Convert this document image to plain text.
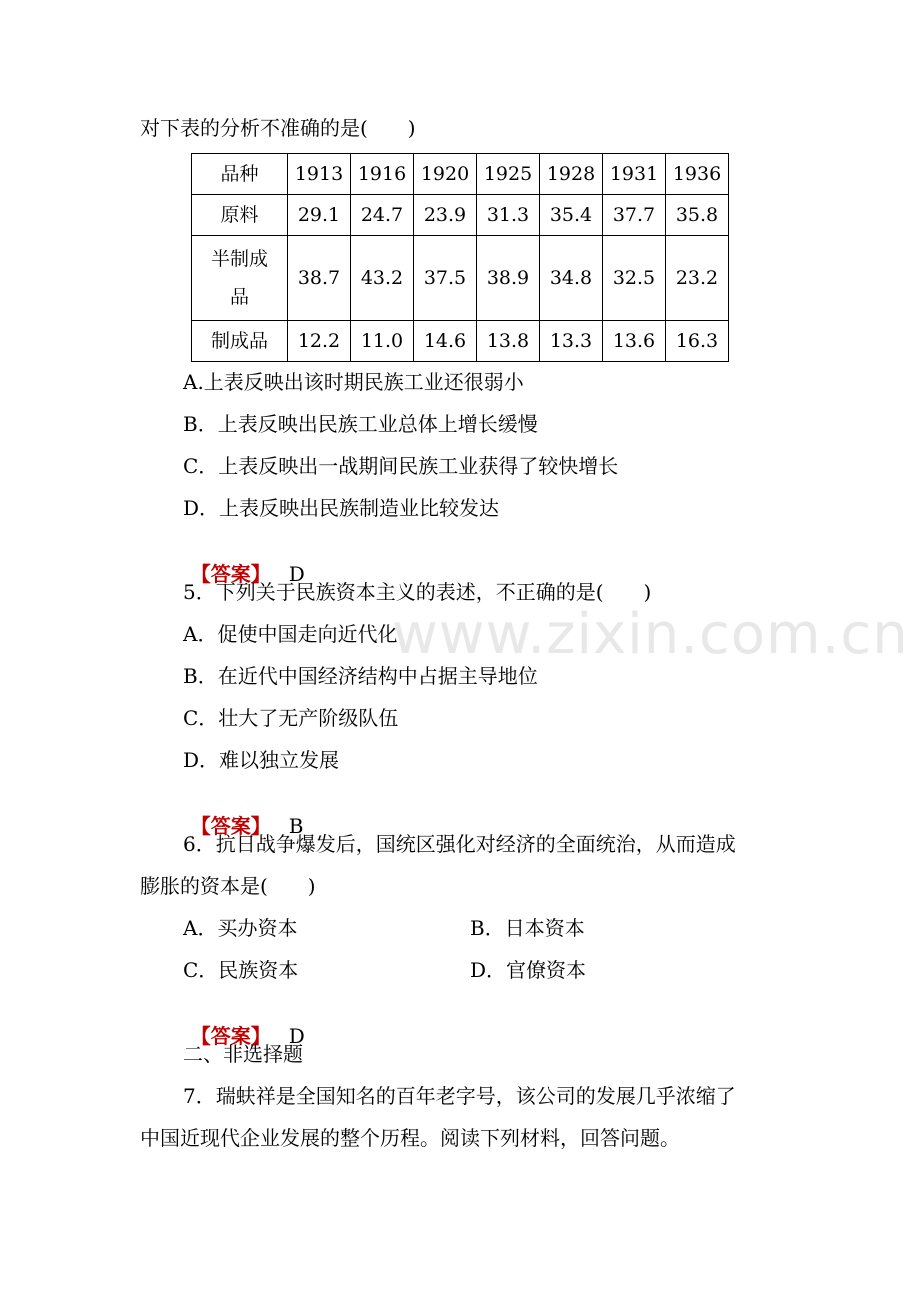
www.zixin.com.cn
对下表的分析不准确的是(　　)
品种	1913	1916	1920	1925	1928	1931	1936
原料	29.1	24.7	23.9	31.3	35.4	37.7	35.8

半制成
品	38.7	43.2	37.5	38.9	34.8	32.5	23.2
制成品	12.2	11.0	14.6	13.8	13.3	13.6	16.3
A.上表反映出该时期民族工业还很弱小
B．上表反映出民族工业总体上增长缓慢
C．上表反映出一战期间民族工业获得了较快增长
D．上表反映出民族制造业比较发达

【答案】 D

5．下列关于民族资本主义的表述，不正确的是(　　)
A．促使中国走向近代化
B．在近代中国经济结构中占据主导地位
C．壮大了无产阶级队伍
D．难以独立发展

【答案】 B

6．抗日战争爆发后，国统区强化对经济的全面统治，从而造成
膨胀的资本是(　　)
A．买办资本	B．日本资本
C．民族资本	D．官僚资本

【答案】 D

二、非选择题
7．瑞蚨祥是全国知名的百年老字号，该公司的发展几乎浓缩了
中国近现代企业发展的整个历程。阅读下列材料，回答问题。
